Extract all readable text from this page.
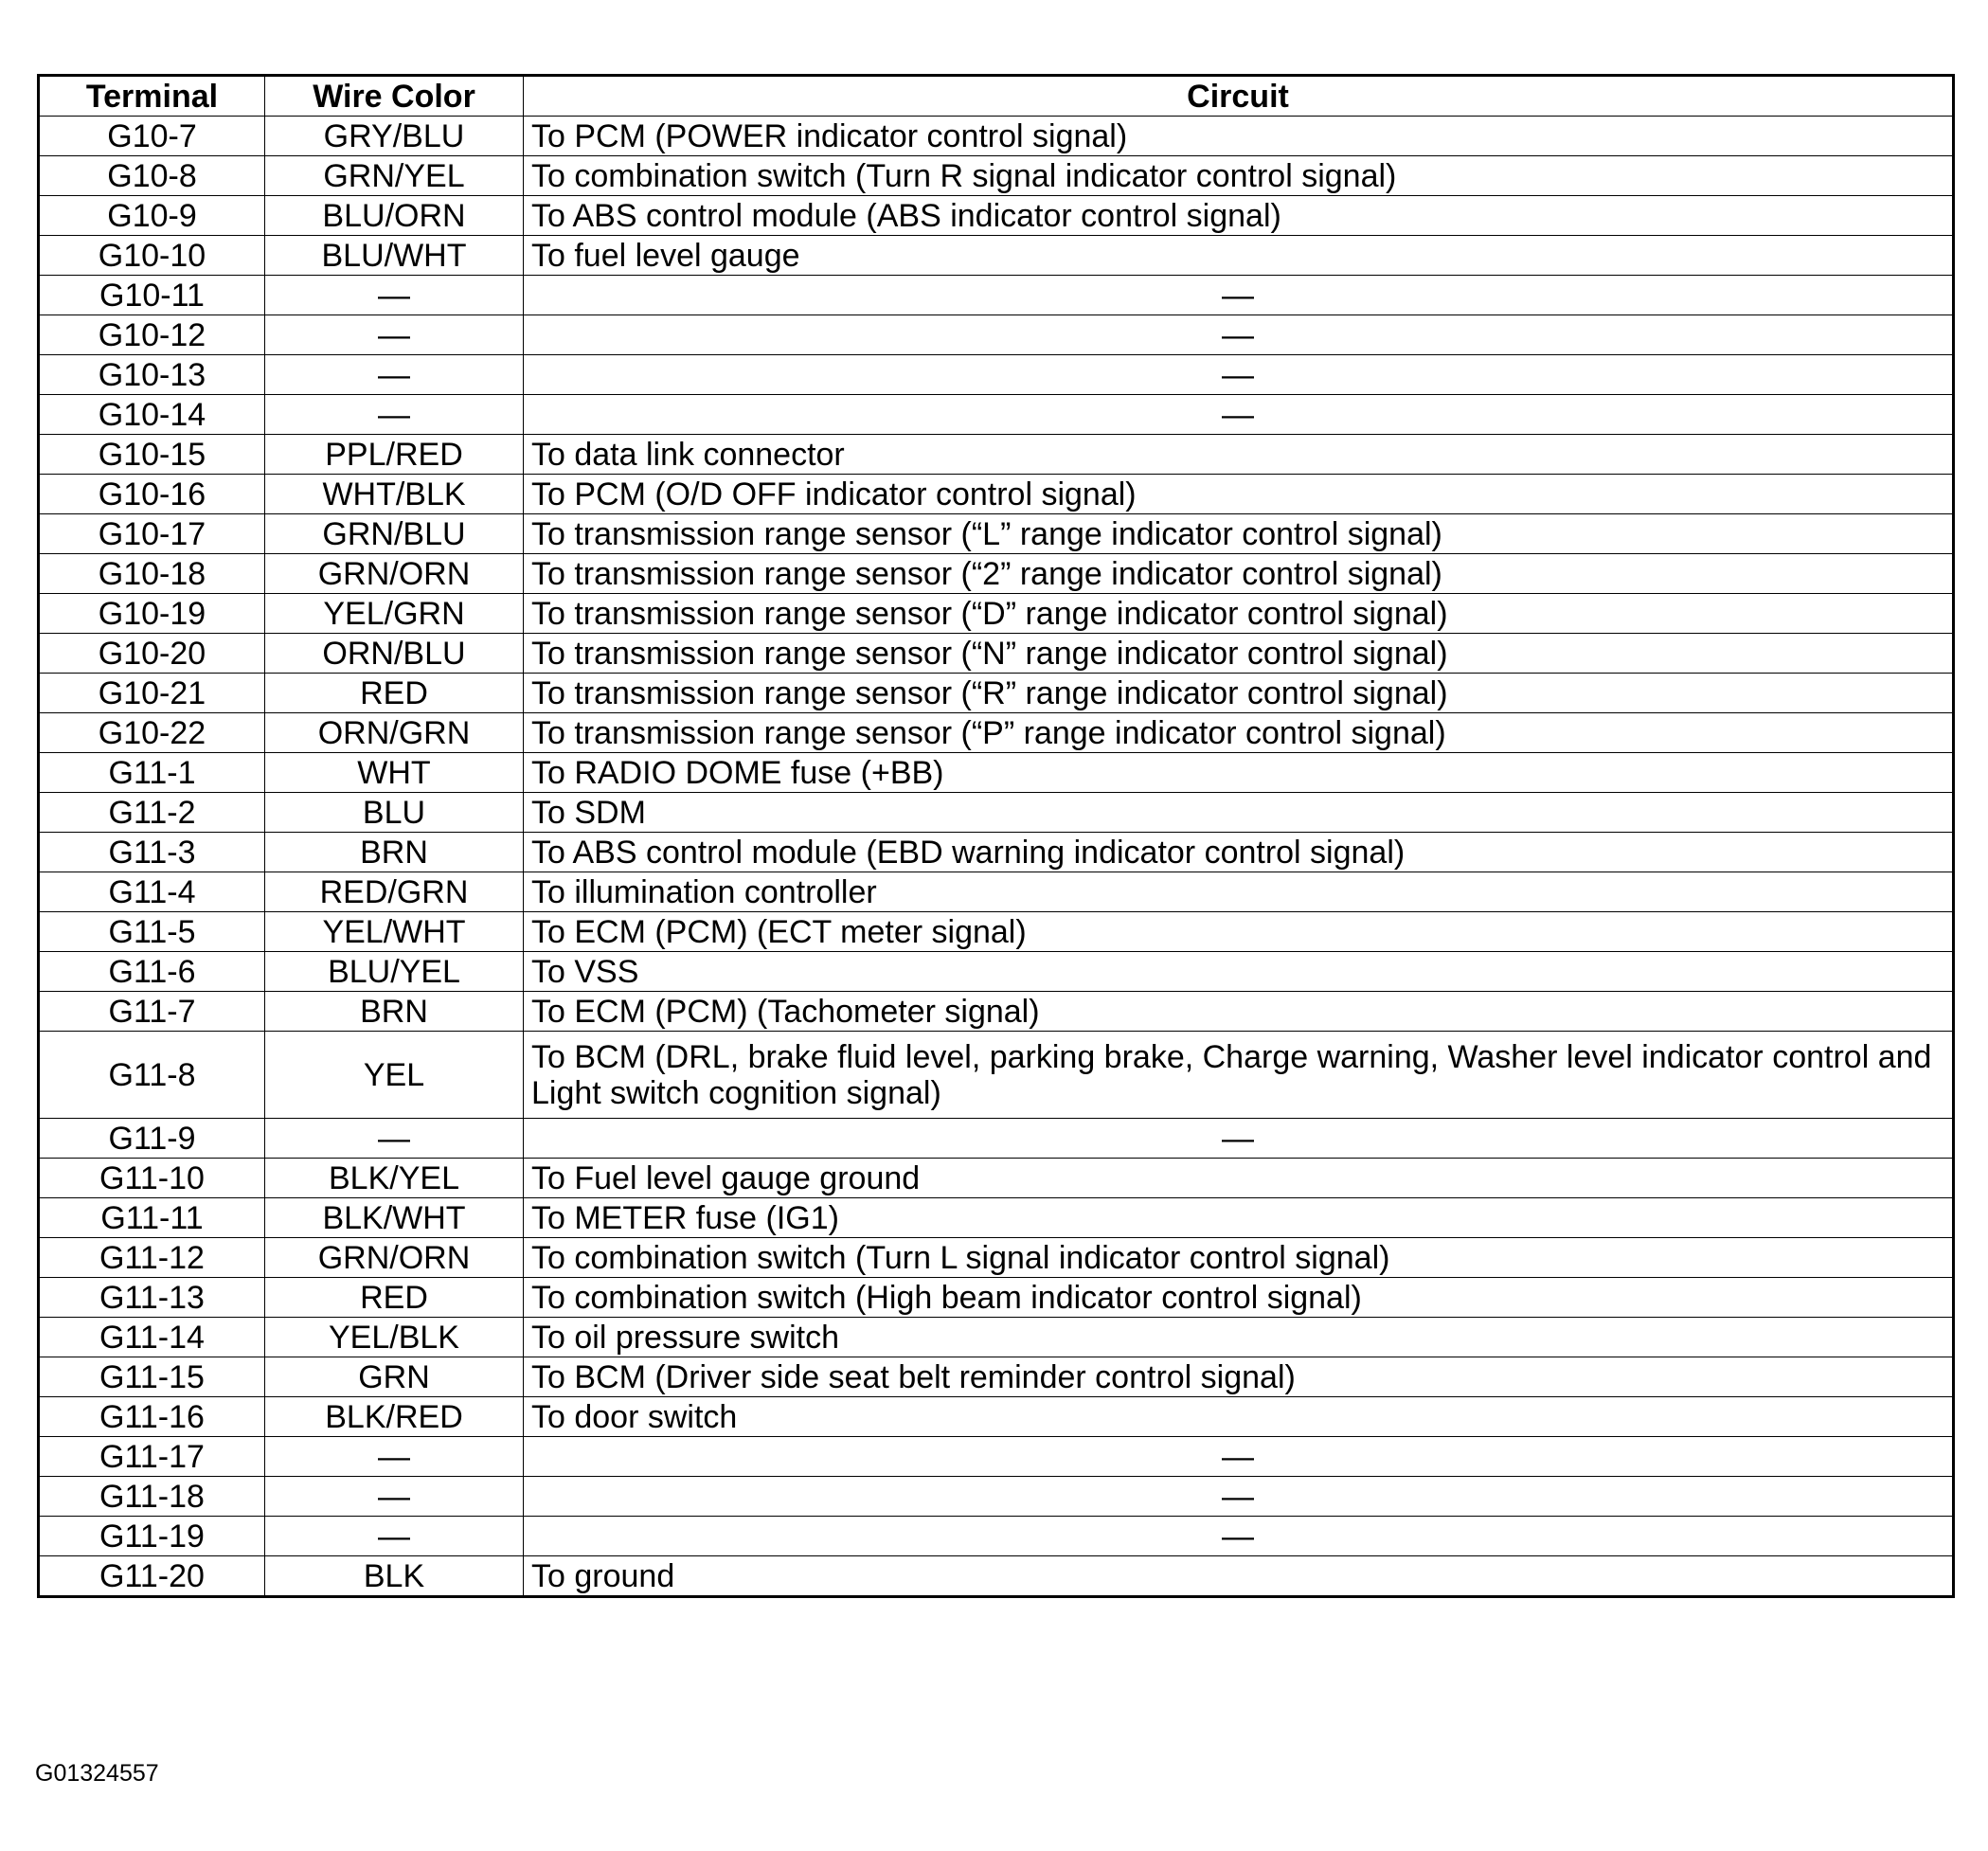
Terminal	Wire Color	Circuit
G10-7	GRY/BLU	To PCM (POWER indicator control signal)
G10-8	GRN/YEL	To combination switch (Turn R signal indicator control signal)
G10-9	BLU/ORN	To ABS control module (ABS indicator control signal)
G10-10	BLU/WHT	To fuel level gauge
G10-11	—	—
G10-12	—	—
G10-13	—	—
G10-14	—	—
G10-15	PPL/RED	To data link connector
G10-16	WHT/BLK	To PCM (O/D OFF indicator control signal)
G10-17	GRN/BLU	To transmission range sensor (“L” range indicator control signal)
G10-18	GRN/ORN	To transmission range sensor (“2” range indicator control signal)
G10-19	YEL/GRN	To transmission range sensor (“D” range indicator control signal)
G10-20	ORN/BLU	To transmission range sensor (“N” range indicator control signal)
G10-21	RED	To transmission range sensor (“R” range indicator control signal)
G10-22	ORN/GRN	To transmission range sensor (“P” range indicator control signal)
G11-1	WHT	To RADIO DOME fuse (+BB)
G11-2	BLU	To SDM
G11-3	BRN	To ABS control module (EBD warning indicator control signal)
G11-4	RED/GRN	To illumination controller
G11-5	YEL/WHT	To ECM (PCM) (ECT meter signal)
G11-6	BLU/YEL	To VSS
G11-7	BRN	To ECM (PCM) (Tachometer signal)
G11-8	YEL	To BCM (DRL, brake fluid level, parking brake, Charge warning, Washer level indicator control and Light switch cognition signal)
G11-9	—	—
G11-10	BLK/YEL	To Fuel level gauge ground
G11-11	BLK/WHT	To METER fuse (IG1)
G11-12	GRN/ORN	To combination switch (Turn L signal indicator control signal)
G11-13	RED	To combination switch (High beam indicator control signal)
G11-14	YEL/BLK	To oil pressure switch
G11-15	GRN	To BCM (Driver side seat belt reminder control signal)
G11-16	BLK/RED	To door switch
G11-17	—	—
G11-18	—	—
G11-19	—	—
G11-20	BLK	To ground
G01324557
